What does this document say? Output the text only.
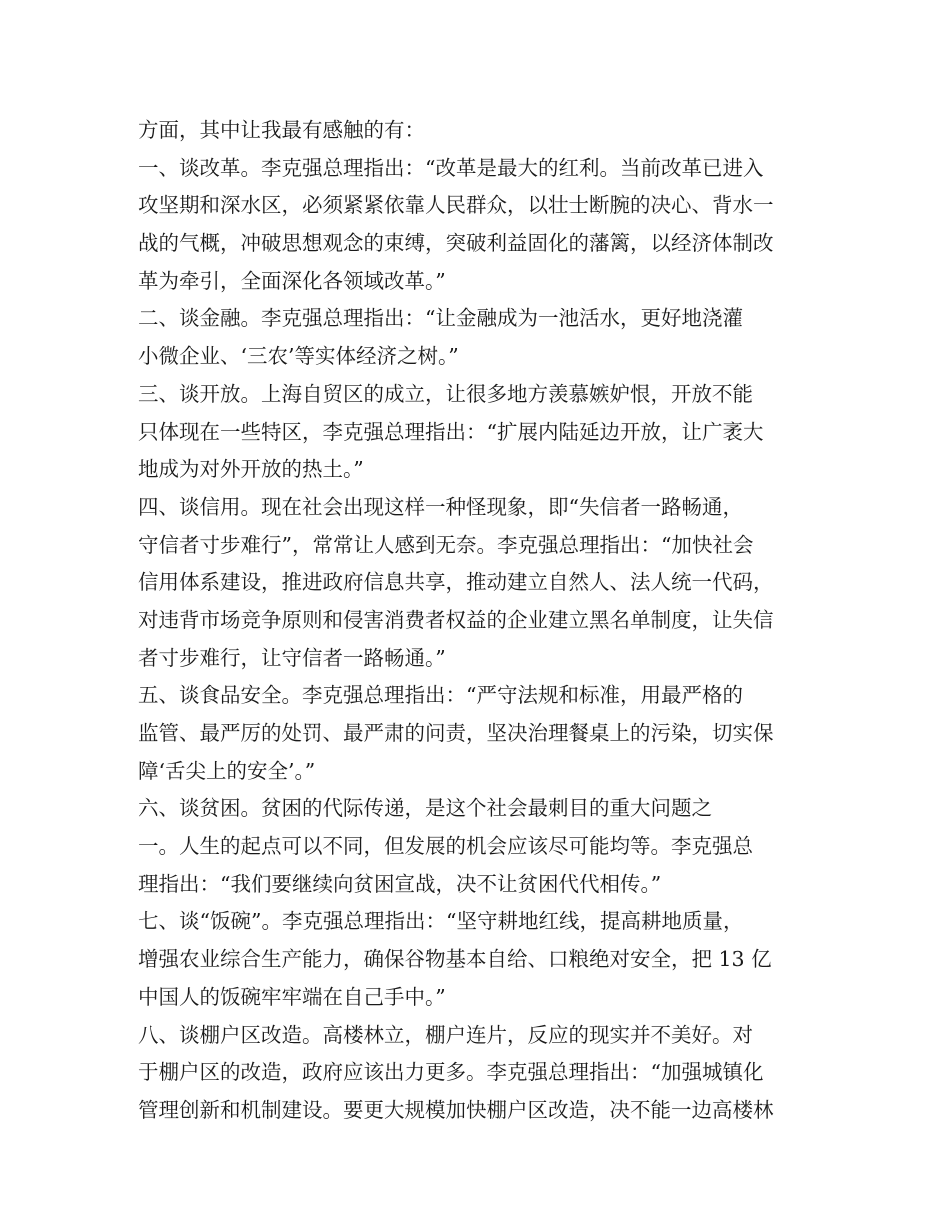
方面，其中让我最有感触的有：
一、谈改革。李克强总理指出：“改革是最大的红利。当前改革已进入
攻坚期和深水区，必须紧紧依靠人民群众，以壮士断腕的决心、背水一
战的气概，冲破思想观念的束缚，突破利益固化的藩篱，以经济体制改
革为牵引，全面深化各领域改革。”
二、谈金融。李克强总理指出：“让金融成为一池活水，更好地浇灌
小微企业、‘三农’等实体经济之树。”
三、谈开放。上海自贸区的成立，让很多地方羡慕嫉妒恨，开放不能
只体现在一些特区，李克强总理指出：“扩展内陆延边开放，让广袤大
地成为对外开放的热土。”
四、谈信用。现在社会出现这样一种怪现象，即“失信者一路畅通，
守信者寸步难行”，常常让人感到无奈。李克强总理指出：“加快社会
信用体系建设，推进政府信息共享，推动建立自然人、法人统一代码，
对违背市场竞争原则和侵害消费者权益的企业建立黑名单制度，让失信
者寸步难行，让守信者一路畅通。”
五、谈食品安全。李克强总理指出：“严守法规和标准，用最严格的
监管、最严厉的处罚、最严肃的问责，坚决治理餐桌上的污染，切实保
障‘舌尖上的安全’。”
六、谈贫困。贫困的代际传递，是这个社会最刺目的重大问题之
一。人生的起点可以不同，但发展的机会应该尽可能均等。李克强总
理指出：“我们要继续向贫困宣战，决不让贫困代代相传。”
七、谈“饭碗”。李克强总理指出：“坚守耕地红线，提高耕地质量，
增强农业综合生产能力，确保谷物基本自给、口粮绝对安全，把 13 亿
中国人的饭碗牢牢端在自己手中。”
八、谈棚户区改造。高楼林立，棚户连片，反应的现实并不美好。对
于棚户区的改造，政府应该出力更多。李克强总理指出：“加强城镇化
管理创新和机制建设。要更大规模加快棚户区改造，决不能一边高楼林
